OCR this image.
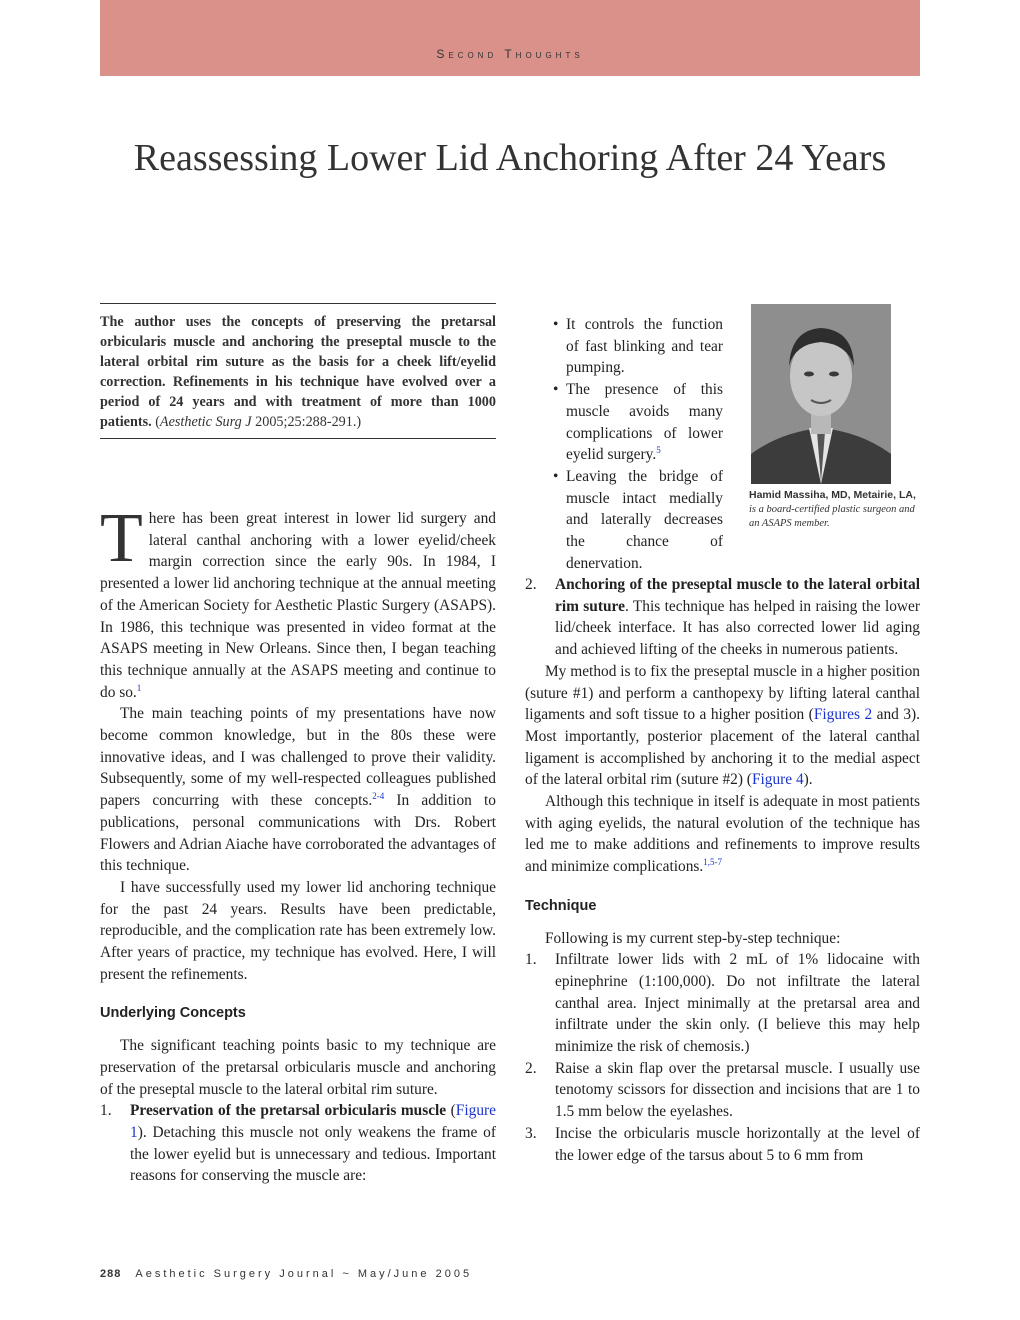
Second Thoughts
Reassessing Lower Lid Anchoring After 24 Years
The author uses the concepts of preserving the pretarsal orbicularis muscle and anchoring the preseptal muscle to the lateral orbital rim suture as the basis for a cheek lift/eyelid correction. Refinements in his technique have evolved over a period of 24 years and with treatment of more than 1000 patients. (Aesthetic Surg J 2005;25:288-291.)

There has been great interest in lower lid surgery and lateral canthal anchoring with a lower eyelid/cheek margin correction since the early 90s. In 1984, I presented a lower lid anchoring technique at the annual meeting of the American Society for Aesthetic Plastic Surgery (ASAPS). In 1986, this technique was presented in video format at the ASAPS meeting in New Orleans. Since then, I began teaching this technique annually at the ASAPS meeting and continue to do so.$^1$

The main teaching points of my presentations have now become common knowledge, but in the 80s these were innovative ideas, and I was challenged to prove their validity. Subsequently, some of my well-respected colleagues published papers concurring with these concepts.$^{2-4}$ In addition to publications, personal communications with Drs. Robert Flowers and Adrian Aiache have corroborated the advantages of this technique.

I have successfully used my lower lid anchoring technique for the past 24 years. Results have been predictable, reproducible, and the complication rate has been extremely low. After years of practice, my technique has evolved. Here, I will present the refinements.

Underlying Concepts

The significant teaching points basic to my technique are preservation of the pretarsal orbicularis muscle and anchoring of the preseptal muscle to the lateral orbital rim suture.

1.	Preservation of the pretarsal orbicularis muscle (Figure 1). Detaching this muscle not only weakens the frame of the lower eyelid but is unnecessary and tedious. Important reasons for conserving the muscle are:
• It controls the function of fast blinking and tear pumping.
• The presence of this muscle avoids many complications of lower eyelid surgery.$^5$
• Leaving the bridge of muscle intact medially and laterally decreases the chance of denervation.
Hamid Massiha, MD, Metairie, LA, is a board-certified plastic surgeon and an ASAPS member.
2.	Anchoring of the preseptal muscle to the lateral orbital rim suture. This technique has helped in raising the lower lid/cheek interface. It has also corrected lower lid aging and achieved lifting of the cheeks in numerous patients.

My method is to fix the preseptal muscle in a higher position (suture #1) and perform a canthopexy by lifting lateral canthal ligaments and soft tissue to a higher position (Figures 2 and 3). Most importantly, posterior placement of the lateral canthal ligament is accomplished by anchoring it to the medial aspect of the lateral orbital rim (suture #2) (Figure 4).

Although this technique in itself is adequate in most patients with aging eyelids, the natural evolution of the technique has led me to make additions and refinements to improve results and minimize complications.$^{1,5-7}$

Technique

Following is my current step-by-step technique:

1.	Infiltrate lower lids with 2 mL of 1% lidocaine with epinephrine (1:100,000). Do not infiltrate the lateral canthal area. Inject minimally at the pretarsal area and infiltrate under the skin only. (I believe this may help minimize the risk of chemosis.)
2.	Raise a skin flap over the pretarsal muscle. I usually use tenotomy scissors for dissection and incisions that are 1 to 1.5 mm below the eyelashes.
3.	Incise the orbicularis muscle horizontally at the level of the lower edge of the tarsus about 5 to 6 mm from
288 Aesthetic Surgery Journal ~ May/June 2005
